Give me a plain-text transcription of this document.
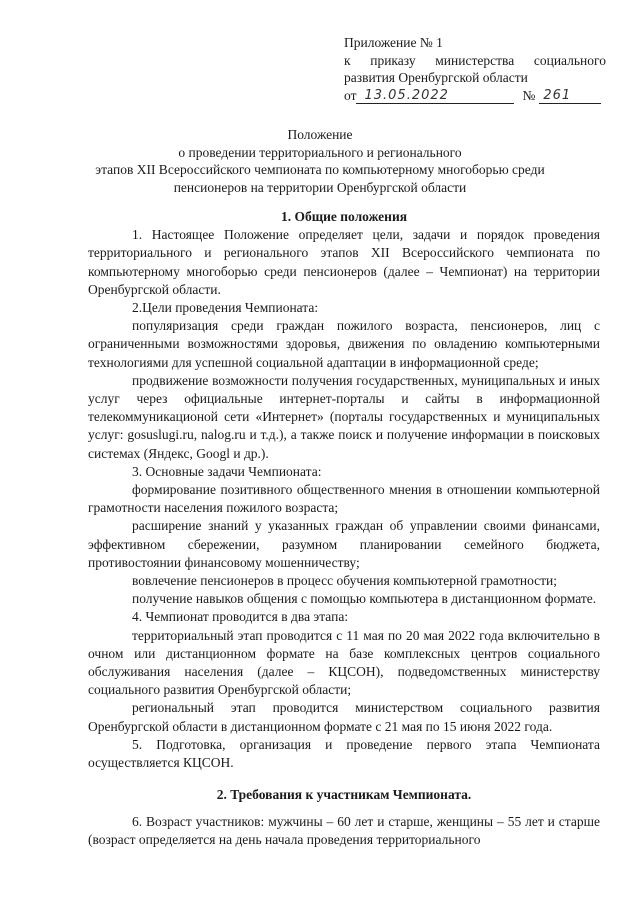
Приложение № 1
к приказу министерства социального
развития Оренбургской области
от 13.05.2022	№ 261
Положение
о проведении территориального и регионального
этапов XII Всероссийского чемпионата по компьютерному многоборью среди
пенсионеров на территории Оренбургской области
1. Общие положения

1. Настоящее Положение определяет цели, задачи и порядок проведения территориального и регионального этапов XII Всероссийского чемпионата по компьютерному многоборью среди пенсионеров (далее – Чемпионат) на территории Оренбургской области.

2.Цели проведения Чемпионата:

популяризация среди граждан пожилого возраста, пенсионеров, лиц с ограниченными возможностями здоровья, движения по овладению компьютерными технологиями для успешной социальной адаптации в информационной среде;

продвижение возможности получения государственных, муниципальных и иных услуг через официальные интернет-порталы и сайты в информационной телекоммуникационой сети «Интернет» (порталы государственных и муниципальных услуг: gosuslugi.ru, nalog.ru и т.д.), а также поиск и получение информации в поисковых системах (Яндекс, Googl и др.).

3. Основные задачи Чемпионата:

формирование позитивного общественного мнения в отношении компьютерной грамотности населения пожилого возраста;

расширение знаний у указанных граждан об управлении своими финансами, эффективном сбережении, разумном планировании семейного бюджета, противостоянии финансовому мошенничеству;

вовлечение пенсионеров в процесс обучения компьютерной грамотности;

получение навыков общения с помощью компьютера в дистанционном формате.

4. Чемпионат проводится в два этапа:

территориальный этап проводится с 11 мая по 20 мая 2022 года включительно в очном или дистанционном формате на базе комплексных центров социального обслуживания населения (далее – КЦСОН), подведомственных министерству социального развития Оренбургской области;

региональный этап проводится министерством социального развития Оренбургской области в дистанционном формате с 21 мая по 15 июня 2022 года.

5. Подготовка, организация и проведение первого этапа Чемпионата осуществляется КЦСОН.

2. Требования к участникам Чемпионата.

6. Возраст участников: мужчины – 60 лет и старше, женщины – 55 лет и старше (возраст определяется на день начала проведения территориального
